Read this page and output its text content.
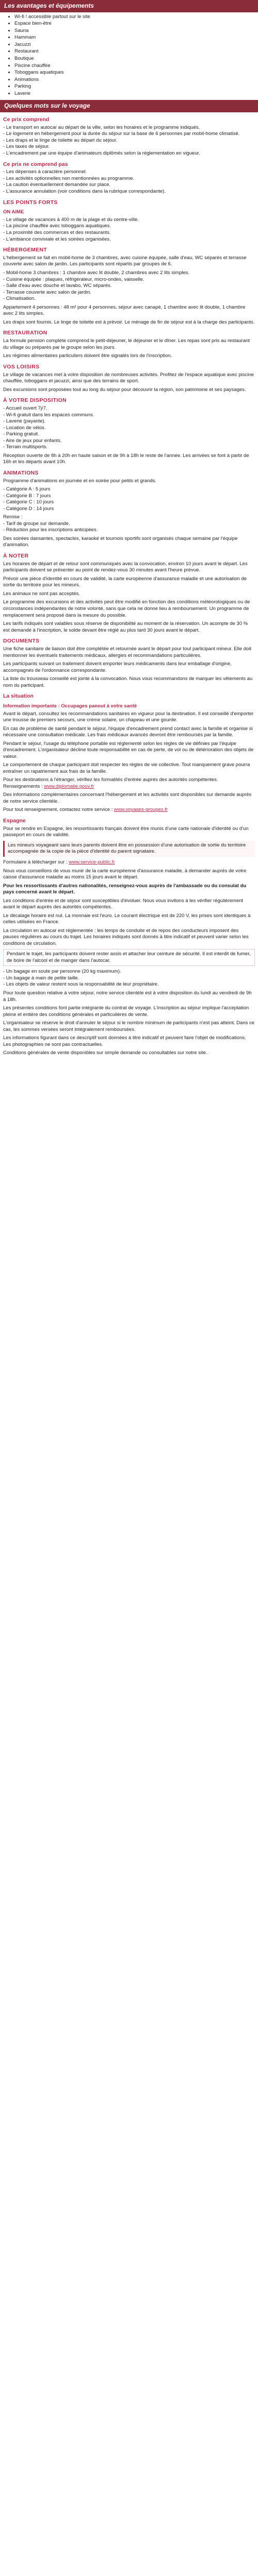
Les avantages et équipements
• Wi-fi ! accessible partout sur le site
• Espace bien-être
• Sauna
• Hammam
• Jacuzzi
• Restaurant
• Boutique
• Piscine chauffée
• Toboggans aquatiques
• Animations
• Parking
• Laverie
Quelques mots sur le voyage
Ce prix comprend
- Le transport en autocar au départ de la ville, selon les horaires et le programme indiqués.
- Le logement en hébergement pour la durée du séjour sur la base de 6 personnes par mobil-home climatisé.
- Les draps et le linge de toilette au départ du séjour.
- Les taxes de séjour.
- L'encadrement par une équipe d'animateurs diplômés selon la réglementation en vigueur.
Ce prix ne comprend pas
- Les dépenses à caractère personnel.
- Les activités optionnelles non mentionnées au programme.
- La caution éventuellement demandée sur place.
- L'assurance annulation (voir conditions dans la rubrique correspondante).
LES POINTS FORTS
ON AIME
- Le village de vacances à 400 m de la plage et du centre-ville.
- La piscine chauffée avec toboggans aquatiques.
- La proximité des commerces et des restaurants.
- L'ambiance conviviale et les soirées organisées.
HÉBERGEMENT
L'hébergement se fait en mobil-home de 3 chambres, avec cuisine équipée, salle d'eau, WC séparés et terrasse couverte avec salon de jardin. Les participants sont répartis par groupes de 6.
- Mobil-home 3 chambres : 1 chambre avec lit double, 2 chambres avec 2 lits simples.
- Cuisine équipée : plaques, réfrigérateur, micro-ondes, vaisselle.
- Salle d'eau avec douche et lavabo, WC séparés.
- Terrasse couverte avec salon de jardin.
- Climatisation.
Appartement 4 personnes : 48 m² pour 4 personnes, séjour avec canapé, 1 chambre avec lit double, 1 chambre avec 2 lits simples.
Les draps sont fournis. Le linge de toilette est à prévoir. Le ménage de fin de séjour est à la charge des participants.
RESTAURATION
La formule pension complète comprend le petit-déjeuner, le déjeuner et le dîner. Les repas sont pris au restaurant du village ou préparés par le groupe selon les jours.
Les régimes alimentaires particuliers doivent être signalés lors de l'inscription.
VOS LOISIRS
Le village de vacances met à votre disposition de nombreuses activités. Profitez de l'espace aquatique avec piscine chauffée, toboggans et jacuzzi, ainsi que des terrains de sport.
Des excursions sont proposées tout au long du séjour pour découvrir la région, son patrimoine et ses paysages.
À VOTRE DISPOSITION
- Accueil ouvert 7j/7.
- Wi-fi gratuit dans les espaces communs.
- Laverie (payante).
- Location de vélos.
- Parking gratuit.
- Aire de jeux pour enfants.
- Terrain multisports.
Réception ouverte de 8h à 20h en haute saison et de 9h à 18h le reste de l'année. Les arrivées se font à partir de 16h et les départs avant 10h.
ANIMATIONS
Programme d'animations en journée et en soirée pour petits et grands.
- Catégorie A : 5 jours
- Catégorie B : 7 jours
- Catégorie C : 10 jours
- Catégorie D : 14 jours
Remise :
- Tarif de groupe sur demande.
- Réduction pour les inscriptions anticipées.
Des soirées dansantes, spectacles, karaoké et tournois sportifs sont organisés chaque semaine par l'équipe d'animation.
À NOTER
Les horaires de départ et de retour sont communiqués avec la convocation, environ 10 jours avant le départ. Les participants doivent se présenter au point de rendez-vous 30 minutes avant l'heure prévue.
Prévoir une pièce d'identité en cours de validité, la carte européenne d'assurance maladie et une autorisation de sortie du territoire pour les mineurs.
Les animaux ne sont pas acceptés.
Le programme des excursions et des activités peut être modifié en fonction des conditions météorologiques ou de circonstances indépendantes de notre volonté, sans que cela ne donne lieu à remboursement. Un programme de remplacement sera proposé dans la mesure du possible.
Les tarifs indiqués sont valables sous réserve de disponibilité au moment de la réservation. Un acompte de 30 % est demandé à l'inscription, le solde devant être réglé au plus tard 30 jours avant le départ.
DOCUMENTS
Une fiche sanitaire de liaison doit être complétée et retournée avant le départ pour tout participant mineur. Elle doit mentionner les éventuels traitements médicaux, allergies et recommandations particulières.
Les participants suivant un traitement doivent emporter leurs médicaments dans leur emballage d'origine, accompagnés de l'ordonnance correspondante.
La liste du trousseau conseillé est jointe à la convocation. Nous vous recommandons de marquer les vêtements au nom du participant.
La situation
Information importante : Occupages panout à votre santé
Avant le départ, consultez les recommandations sanitaires en vigueur pour la destination. Il est conseillé d'emporter une trousse de premiers secours, une crème solaire, un chapeau et une gourde.
En cas de problème de santé pendant le séjour, l'équipe d'encadrement prend contact avec la famille et organise si nécessaire une consultation médicale. Les frais médicaux avancés devront être remboursés par la famille.
Pendant le séjour, l'usage du téléphone portable est réglementé selon les règles de vie définies par l'équipe d'encadrement. L'organisateur décline toute responsabilité en cas de perte, de vol ou de détérioration des objets de valeur.
Le comportement de chaque participant doit respecter les règles de vie collective. Tout manquement grave pourra entraîner un rapatriement aux frais de la famille.
Pour les destinations à l'étranger, vérifiez les formalités d'entrée auprès des autorités compétentes. Renseignements : www.diplomatie.gouv.fr
Des informations complémentaires concernant l'hébergement et les activités sont disponibles sur demande auprès de notre service clientèle.
Pour tout renseignement, contactez notre service : www.voyages-groupes.fr
Espagne
Pour se rendre en Espagne, les ressortissants français doivent être munis d'une carte nationale d'identité ou d'un passeport en cours de validité.
Les mineurs voyageant sans leurs parents doivent être en possession d'une autorisation de sortie du territoire accompagnée de la copie de la pièce d'identité du parent signataire.
Formulaire à télécharger sur : www.service-public.fr
Nous vous conseillons de vous munir de la carte européenne d'assurance maladie, à demander auprès de votre caisse d'assurance maladie au moins 15 jours avant le départ.
Pour les ressortissants d'autres nationalités, renseignez-vous auprès de l'ambassade ou du consulat du pays concerné avant le départ.
Les conditions d'entrée et de séjour sont susceptibles d'évoluer. Nous vous invitons à les vérifier régulièrement avant le départ auprès des autorités compétentes.
Le décalage horaire est nul. La monnaie est l'euro. Le courant électrique est de 220 V, les prises sont identiques à celles utilisées en France.
La circulation en autocar est réglementée : les temps de conduite et de repos des conducteurs imposent des pauses régulières au cours du trajet. Les horaires indiqués sont donnés à titre indicatif et peuvent varier selon les conditions de circulation.
Pendant le trajet, les participants doivent rester assis et attacher leur ceinture de sécurité. Il est interdit de fumer, de boire de l'alcool et de manger dans l'autocar.
- Un bagage en soute par personne (20 kg maximum).
- Un bagage à main de petite taille.
- Les objets de valeur restent sous la responsabilité de leur propriétaire.
Pour toute question relative à votre séjour, notre service clientèle est à votre disposition du lundi au vendredi de 9h à 18h.
Les présentes conditions font partie intégrante du contrat de voyage. L'inscription au séjour implique l'acceptation pleine et entière des conditions générales et particulières de vente.
L'organisateur se réserve le droit d'annuler le séjour si le nombre minimum de participants n'est pas atteint. Dans ce cas, les sommes versées seront intégralement remboursées.
Les informations figurant dans ce descriptif sont données à titre indicatif et peuvent faire l'objet de modifications. Les photographies ne sont pas contractuelles.
Conditions générales de vente disponibles sur simple demande ou consultables sur notre site.
